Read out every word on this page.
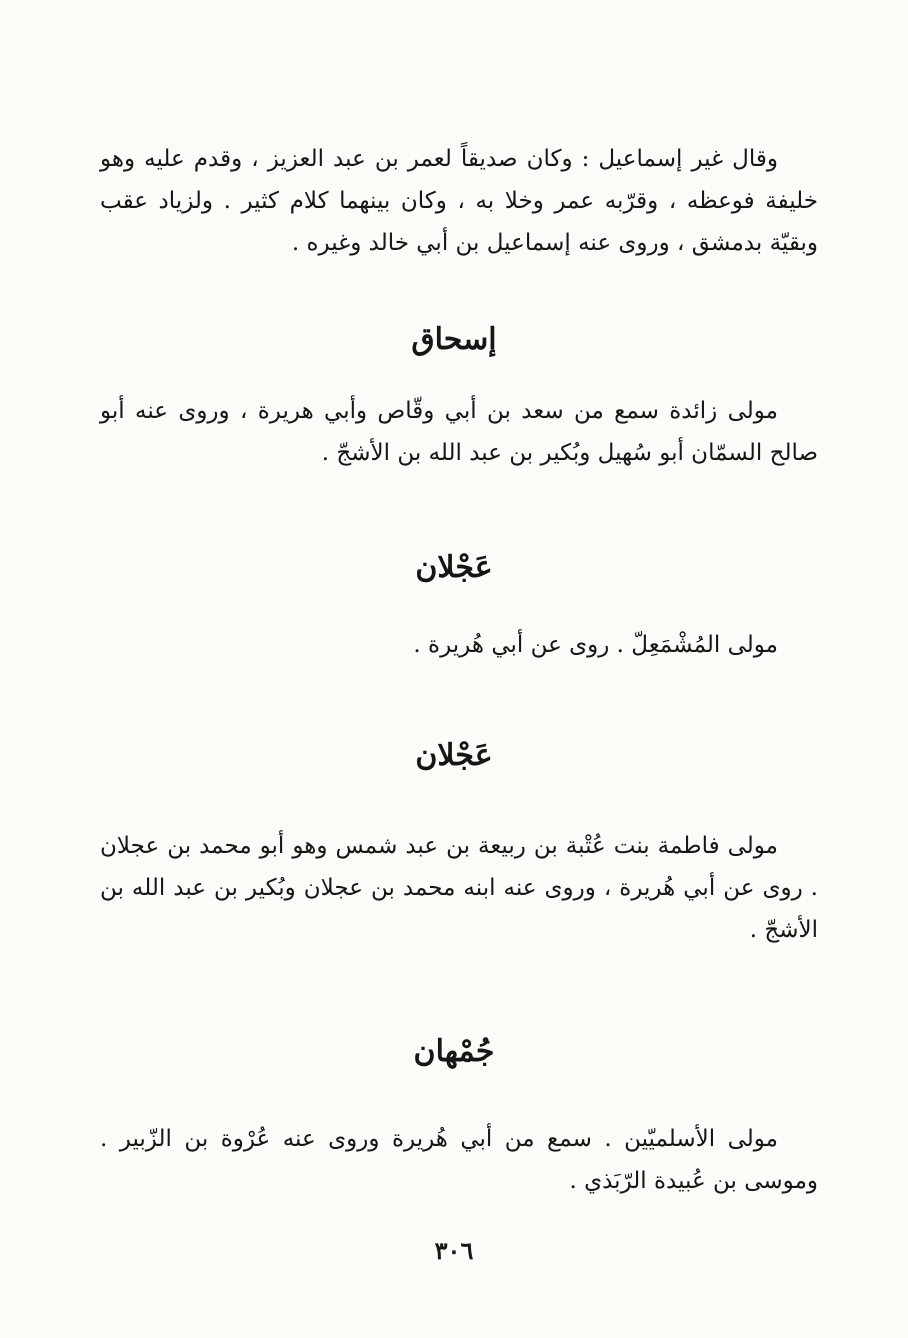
وقال غير إسماعيل : وكان صديقاً لعمر بن عبد العزيز ، وقدم عليه وهو خليفة فوعظه ، وقرّبه عمر وخلا به ، وكان بينهما كلام كثير . ولزياد عقب وبقيّة بدمشق ، وروى عنه إسماعيل بن أبي خالد وغيره .

إسحاق

مولى زائدة سمع من سعد بن أبي وقّاص وأبي هريرة ، وروى عنه أبو صالح السمّان أبو سُهيل وبُكير بن عبد الله بن الأشجّ .

عَجْلان

مولى المُشْمَعِلّ . روى عن أبي هُريرة .

عَجْلان

مولى فاطمة بنت عُتْبة بن ربيعة بن عبد شمس وهو أبو محمد بن عجلان . روى عن أبي هُريرة ، وروى عنه ابنه محمد بن عجلان وبُكير بن عبد الله بن الأشجّ .

جُمْهان

مولى الأسلميّين . سمع من أبي هُريرة وروى عنه عُرْوة بن الزّبير . وموسى بن عُبيدة الرّبَذي .

٣٠٦
